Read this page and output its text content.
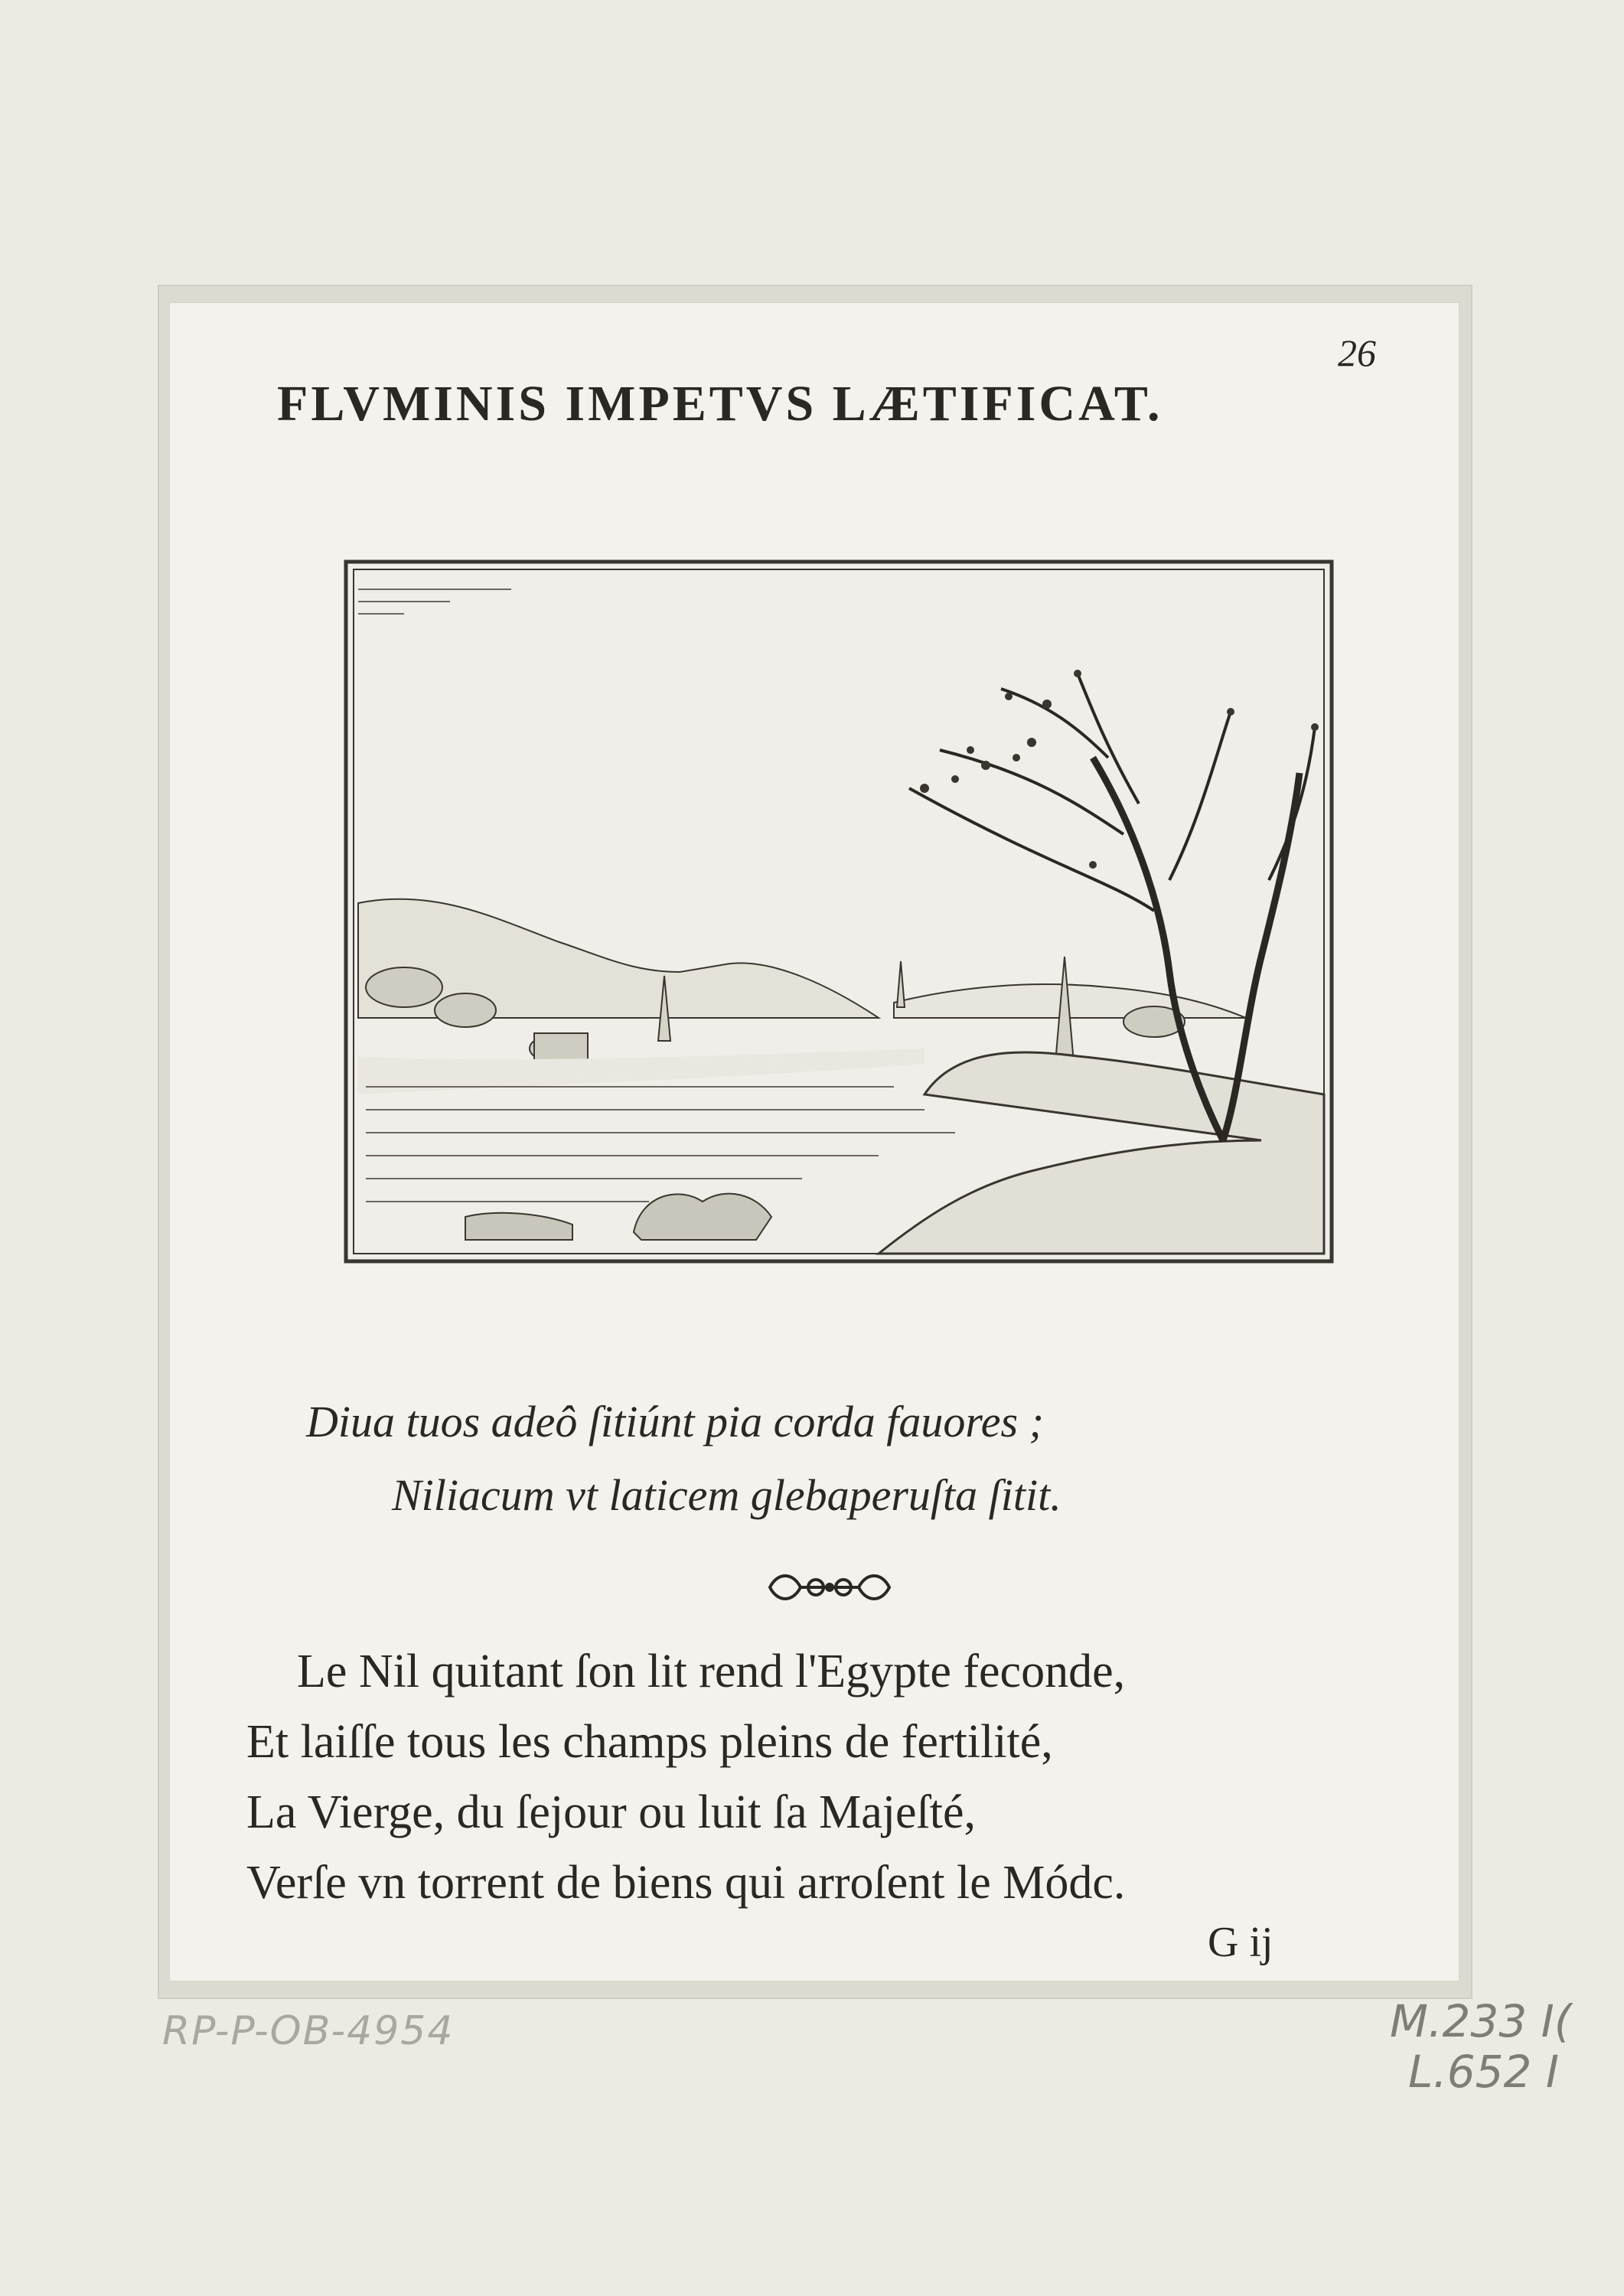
26
FLVMINIS IMPETVS LÆTIFICAT.
Diua tuos adeô ſitiúnt pia corda fauores ;
Niliacum vt laticem glebaperuſta ſitit.
Le Nil quitant ſon lit rend l'Egypte feconde,
Et laiſſe tous les champs pleins de fertilité,
La Vierge, du ſejour ou luit ſa Majeſté,
Verſe vn torrent de biens qui arroſent le Módc.
G ij
RP-P-OB-4954	M.233 I(
L.652 I
